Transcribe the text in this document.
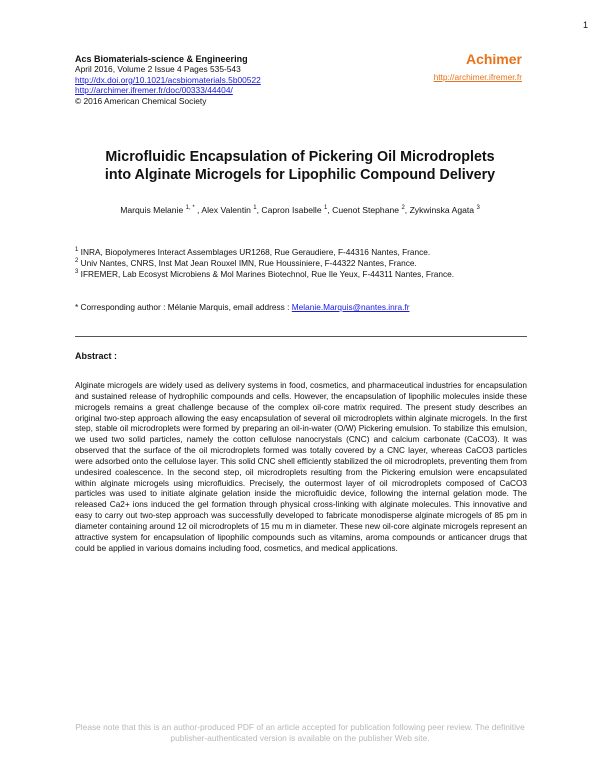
1
Acs Biomaterials-science & Engineering
April 2016, Volume 2 Issue 4 Pages 535-543
http://dx.doi.org/10.1021/acsbiomaterials.5b00522
http://archimer.ifremer.fr/doc/00333/44404/
© 2016 American Chemical Society
Achimer
http://archimer.ifremer.fr
Microfluidic Encapsulation of Pickering Oil Microdroplets
into Alginate Microgels for Lipophilic Compound Delivery
Marquis Melanie $^{1, *}$ , Alex Valentin $^1$, Capron Isabelle $^1$, Cuenot Stephane $^2$, Zykwinska Agata $^3$
$^1$ INRA, Biopolymeres Interact Assemblages UR1268, Rue Geraudiere, F-44316 Nantes, France.
$^2$ Univ Nantes, CNRS, Inst Mat Jean Rouxel IMN, Rue Houssiniere, F-44322 Nantes, France.
$^3$ IFREMER, Lab Ecosyst Microbiens & Mol Marines Biotechnol, Rue Ile Yeux, F-44311 Nantes, France.
* Corresponding author : Mélanie Marquis, email address : Melanie.Marquis@nantes.inra.fr
Abstract :

Alginate microgels are widely used as delivery systems in food, cosmetics, and pharmaceutical industries for encapsulation and sustained release of hydrophilic compounds and cells. However, the encapsulation of lipophilic molecules inside these microgels remains a great challenge because of the complex oil-core matrix required. The present study describes an original two-step approach allowing the easy encapsulation of several oil microdroplets within alginate microgels. In the first step, stable oil microdroplets were formed by preparing an oil-in-water (O/W) Pickering emulsion. To stabilize this emulsion, we used two solid particles, namely the cotton cellulose nanocrystals (CNC) and calcium carbonate (CaCO3). It was observed that the surface of the oil microdroplets formed was totally covered by a CNC layer, whereas CaCO3 particles were adsorbed onto the cellulose layer. This solid CNC shell efficiently stabilized the oil microdroplets, preventing them from undesired coalescence. In the second step, oil microdroplets resulting from the Pickering emulsion were encapsulated within alginate microgels using microfluidics. Precisely, the outermost layer of oil microdroplets composed of CaCO3 particles was used to initiate alginate gelation inside the microfluidic device, following the internal gelation mode. The released Ca2+ ions induced the gel formation through physical cross-linking with alginate molecules. This innovative and easy to carry out two-step approach was successfully developed to fabricate monodisperse alginate microgels of 85 pm in diameter containing around 12 oil microdroplets of 15 mu m in diameter. These new oil-core alginate microgels represent an attractive system for encapsulation of lipophilic compounds such as vitamins, aroma compounds or anticancer drugs that could be applied in various domains including food, cosmetics, and medical applications.

Please note that this is an author-produced PDF of an article accepted for publication following peer review. The definitive
publisher-authenticated version is available on the publisher Web site.
